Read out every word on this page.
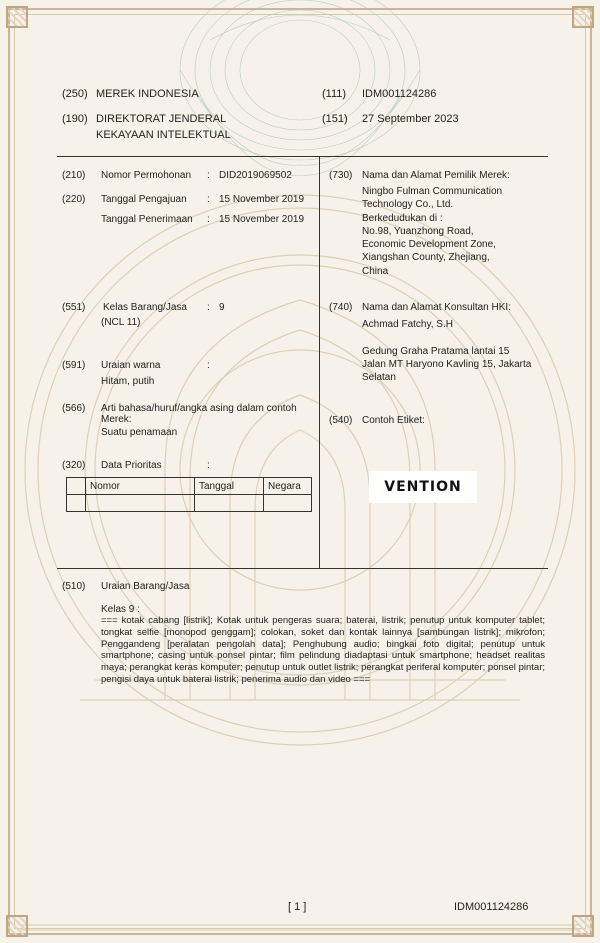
(250) MEREK INDONESIA	(111) IDM001124286
(190) DIREKTORAT JENDERAL
KEKAYAAN INTELEKTUAL
(151) 27 September 2023
(210) Nomor Permohonan : DID2019069502
(220) Tanggal Pengajuan : 15 November 2019
Tanggal Penerimaan : 15 November 2019
(551) Kelas Barang/Jasa : 9
(NCL 11)
(591) Uraian warna	:
Hitam, putih
(566) Arti bahasa/huruf/angka asing dalam contoh
Merek:
Suatu penamaan
(320) Data Prioritas	:
	Nomor	Tanggal	Negara

(730) Nama dan Alamat Pemilik Merek:
Ningbo Fulman Communication
Technology Co., Ltd.
Berkedudukan di :
No.98, Yuanzhong Road,
Economic Development Zone,
Xiangshan County, Zhejiang,
China
(740) Nama dan Alamat Konsultan HKI:
Achmad Fatchy, S.H
Gedung Graha Pratama lantai 15
Jalan MT Haryono Kavling 15, Jakarta
Selatan
(540) Contoh Etiket:
VENTION
(510) Uraian Barang/Jasa
Kelas 9 :
=== kotak cabang [listrik]; Kotak untuk pengeras suara; baterai, listrik; penutup untuk komputer tablet; tongkat selfie [monopod genggam]; colokan, soket dan kontak lainnya [sambungan listrik]; mikrofon; Penggandeng [peralatan pengolah data]; Penghubung audio; bingkai foto digital; penutup untuk smartphone; casing untuk ponsel pintar; film pelindung diadaptasi untuk smartphone; headset realitas maya; perangkat keras komputer; penutup untuk outlet listrik; perangkat periferal komputer; ponsel pintar; pengisi daya untuk baterai listrik; penerima audio dan video ===
[ 1 ]	IDM001124286
